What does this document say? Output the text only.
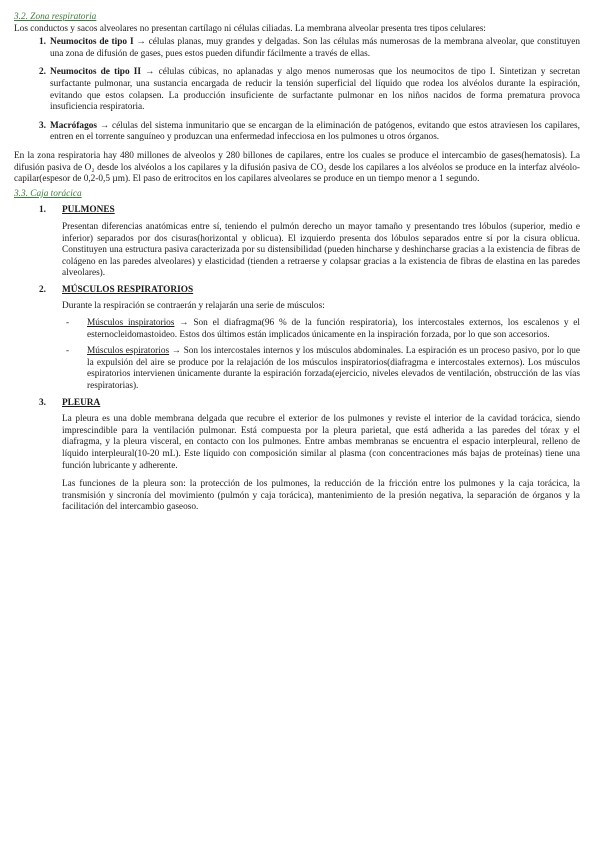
3.2. Zona respiratoria

Los conductos y sacos alveolares no presentan cartílago ni células ciliadas. La membrana alveolar presenta tres tipos celulares:

1. Neumocitos de tipo I → células planas, muy grandes y delgadas. Son las células más numerosas de la membrana alveolar, que constituyen una zona de difusión de gases, pues estos pueden difundir fácilmente a través de ellas.
2. Neumocitos de tipo II → células cúbicas, no aplanadas y algo menos numerosas que los neumocitos de tipo I. Sintetizan y secretan surfactante pulmonar, una sustancia encargada de reducir la tensión superficial del líquido que rodea los alvéolos durante la espiración, evitando que estos colapsen. La producción insuficiente de surfactante pulmonar en los niños nacidos de forma prematura provoca insuficiencia respiratoria.
3. Macrófagos → células del sistema inmunitario que se encargan de la eliminación de patógenos, evitando que estos atraviesen los capilares, entren en el torrente sanguíneo y produzcan una enfermedad infecciosa en los pulmones u otros órganos.

En la zona respiratoria hay 480 millones de alveolos y 280 billones de capilares, entre los cuales se produce el intercambio de gases(hematosis). La difusión pasiva de O₂ desde los alvéolos a los capilares y la difusión pasiva de CO₂ desde los capilares a los alvéolos se produce en la interfaz alvéolo-capilar(espesor de 0,2-0,5 µm). El paso de eritrocitos en los capilares alveolares se produce en un tiempo menor a 1 segundo.

3.3. Caja torácica

1.	PULMONES

Presentan diferencias anatómicas entre sí, teniendo el pulmón derecho un mayor tamaño y presentando tres lóbulos (superior, medio e inferior) separados por dos cisuras(horizontal y oblicua). El izquierdo presenta dos lóbulos separados entre sí por la cisura oblicua. Constituyen una estructura pasiva caracterizada por su distensibilidad (pueden hincharse y deshincharse gracias a la existencia de fibras de colágeno en las paredes alveolares) y elasticidad (tienden a retraerse y colapsar gracias a la existencia de fibras de elastina en las paredes alveolares).

2.	MÚSCULOS RESPIRATORIOS

Durante la respiración se contraerán y relajarán una serie de músculos:

-	Músculos inspiratorios → Son el diafragma(96 % de la función respiratoria), los intercostales externos, los escalenos y el esternocleidomastoideo. Estos dos últimos están implicados únicamente en la inspiración forzada, por lo que son accesorios.
-	Músculos espiratorios → Son los intercostales internos y los músculos abdominales. La espiración es un proceso pasivo, por lo que la expulsión del aire se produce por la relajación de los músculos inspiratorios(diafragma e intercostales externos). Los músculos espiratorios intervienen únicamente durante la espiración forzada(ejercicio, niveles elevados de ventilación, obstrucción de las vías respiratorias).
3.	PLEURA

La pleura es una doble membrana delgada que recubre el exterior de los pulmones y reviste el interior de la cavidad torácica, siendo imprescindible para la ventilación pulmonar. Está compuesta por la pleura parietal, que está adherida a las paredes del tórax y el diafragma, y la pleura visceral, en contacto con los pulmones. Entre ambas membranas se encuentra el espacio interpleural, relleno de líquido interpleural(10-20 mL). Este líquido con composición similar al plasma (con concentraciones más bajas de proteínas) tiene una función lubricante y adherente.

Las funciones de la pleura son: la protección de los pulmones, la reducción de la fricción entre los pulmones y la caja torácica, la transmisión y sincronía del movimiento (pulmón y caja torácica), mantenimiento de la presión negativa, la separación de órganos y la facilitación del intercambio gaseoso.
